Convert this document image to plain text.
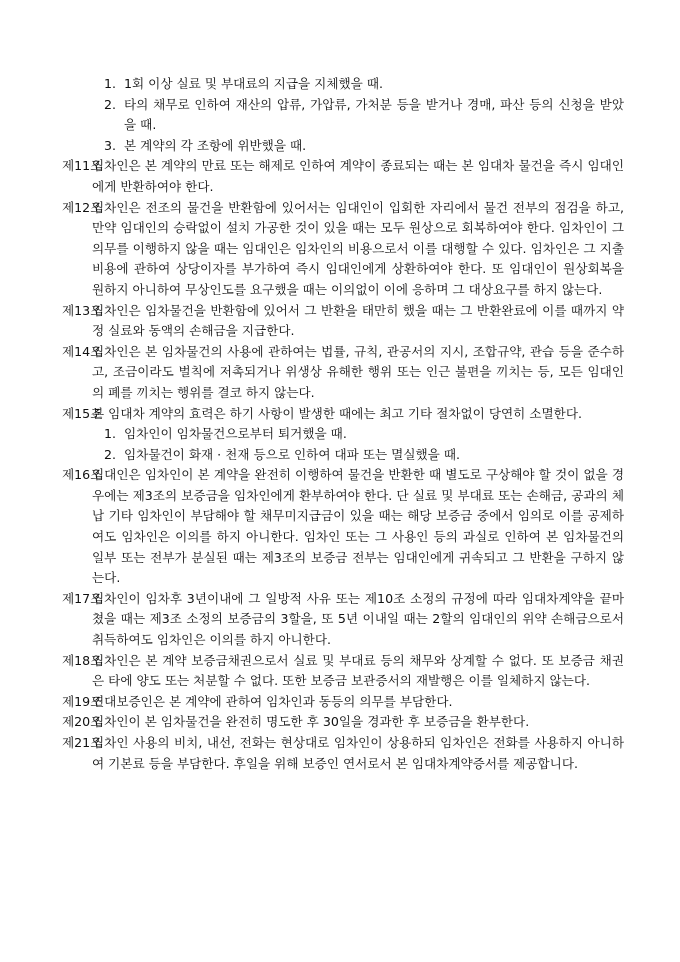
1. 1회 이상 실료 및 부대료의 지급을 지체했을 때.
2. 타의 채무로 인하여 재산의 압류, 가압류, 가처분 등을 받거나 경매, 파산 등의 신청을 받았을 때.
3. 본 계약의 각 조항에 위반했을 때.
제11조
임차인은 본 계약의 만료 또는 해제로 인하여 계약이 종료되는 때는 본 임대차 물건을 즉시 임대인에게 반환하여야 한다.
제12조
임차인은 전조의 물건을 반환함에 있어서는 임대인이 입회한 자리에서 물건 전부의 점검을 하고, 만약 임대인의 승락없이 설치 가공한 것이 있을 때는 모두 원상으로 회복하여야 한다. 임차인이 그 의무를 이행하지 않을 때는 임대인은 임차인의 비용으로서 이를 대행할 수 있다. 임차인은 그 지출비용에 관하여 상당이자를 부가하여 즉시 임대인에게 상환하여야 한다. 또 임대인이 원상회복을 원하지 아니하여 무상인도를 요구했을 때는 이의없이 이에 응하며 그 대상요구를 하지 않는다.
제13조
임차인은 임차물건을 반환함에 있어서 그 반환을 태만히 했을 때는 그 반환완료에 이를 때까지 약정 실료와 동액의 손해금을 지급한다.
제14조
임차인은 본 임차물건의 사용에 관하여는 법률, 규칙, 관공서의 지시, 조합규약, 관습 등을 준수하고, 조금이라도 벌칙에 저촉되거나 위생상 유해한 행위 또는 인근 불편을 끼치는 등, 모든 임대인의 폐를 끼치는 행위를 결코 하지 않는다.
제15조
본 임대차 계약의 효력은 하기 사항이 발생한 때에는 최고 기타 절차없이 당연히 소멸한다.
1. 임차인이 임차물건으로부터 퇴거했을 때.
2. 임차물건이 화재 · 천재 등으로 인하여 대파 또는 멸실했을 때.
제16조
임대인은 임차인이 본 계약을 완전히 이행하여 물건을 반환한 때 별도로 구상해야 할 것이 없을 경우에는 제3조의 보증금을 임차인에게 환부하여야 한다. 단 실료 및 부대료 또는 손해금, 공과의 체납 기타 임차인이 부담해야 할 채무미지급금이 있을 때는 해당 보증금 중에서 임의로 이를 공제하여도 임차인은 이의를 하지 아니한다. 임차인 또는 그 사용인 등의 과실로 인하여 본 임차물건의 일부 또는 전부가 분실된 때는 제3조의 보증금 전부는 임대인에게 귀속되고 그 반환을 구하지 않는다.
제17조
임차인이 임차후 3년이내에 그 일방적 사유 또는 제10조 소정의 규정에 따라 임대차계약을 끝마쳤을 때는 제3조 소정의 보증금의 3할을, 또 5년 이내일 때는 2할의 임대인의 위약 손해금으로서 취득하여도 임차인은 이의를 하지 아니한다.
제18조
임차인은 본 계약 보증금채권으로서 실료 및 부대료 등의 채무와 상계할 수 없다. 또 보증금 채권은 타에 양도 또는 처분할 수 없다. 또한 보증금 보관증서의 재발행은 이를 일체하지 않는다.
제19조
연대보증인은 본 계약에 관하여 임차인과 동등의 의무를 부담한다.
제20조
임차인이 본 임차물건을 완전히 명도한 후 30일을 경과한 후 보증금을 환부한다.
제21조
임차인 사용의 비치, 내선, 전화는 현상대로 임차인이 상용하되 임차인은 전화를 사용하지 아니하여 기본료 등을 부담한다. 후일을 위해 보증인 연서로서 본 임대차계약증서를 제공합니다.
